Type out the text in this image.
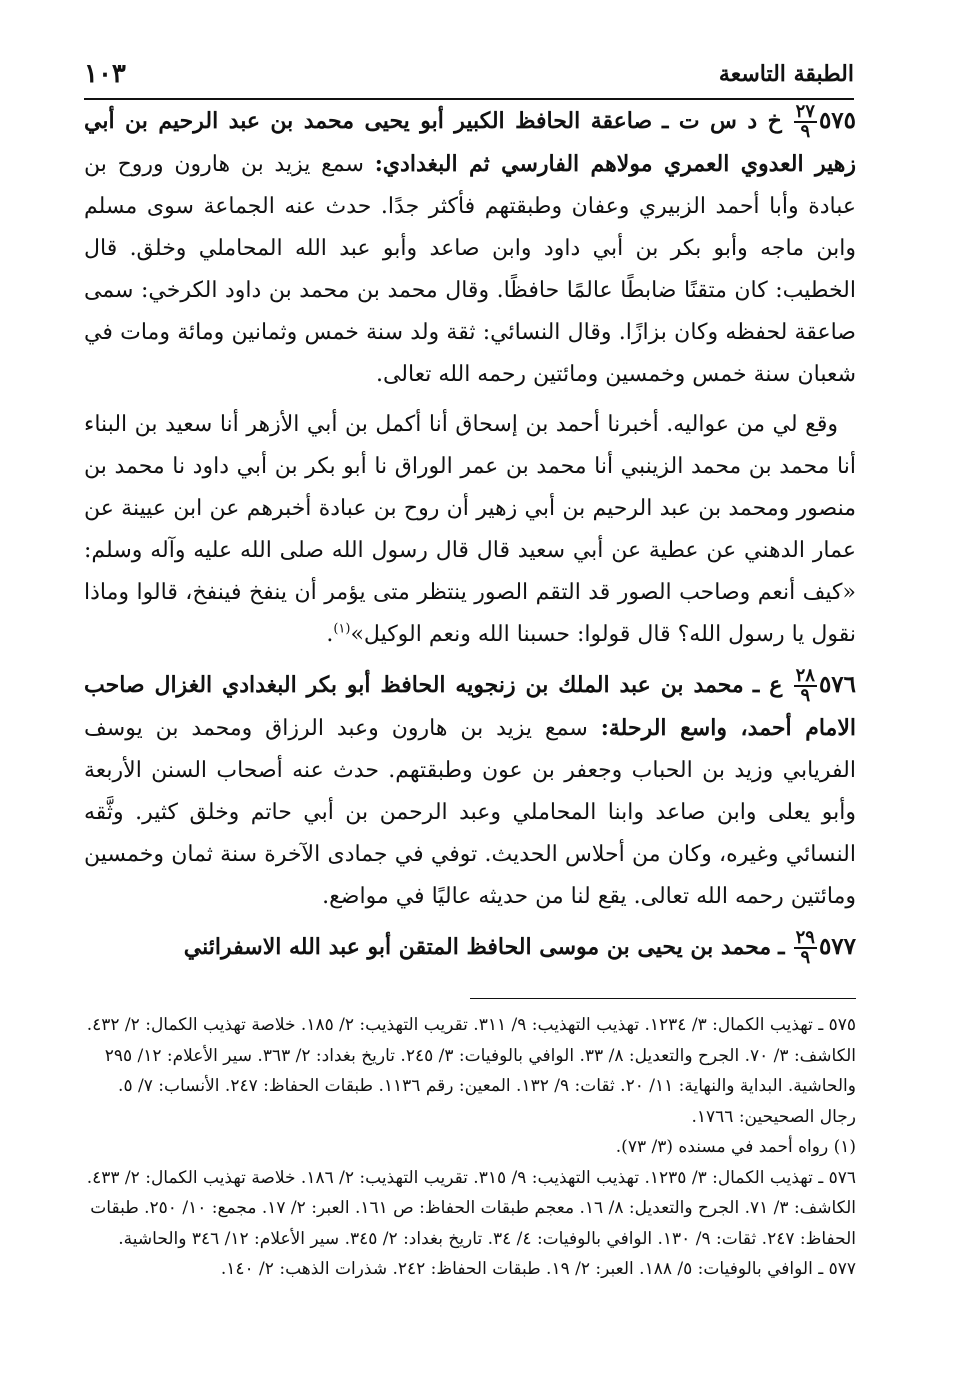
الطبقة التاسعة
١٠٣

٥٧٥
$\frac{٢٧}{٩}$
خ د س ت ـ صاعقة الحافظ الكبير أبو يحيى محمد بن عبد الرحيم بن أبي زهير العدوي العمري مولاهم الفارسي ثم البغدادي: سمع يزيد بن هارون وروح بن عبادة وأبا أحمد الزبيري وعفان وطبقتهم فأكثر جدًا. حدث عنه الجماعة سوى مسلم وابن ماجه وأبو بكر بن أبي داود وابن صاعد وأبو عبد الله المحاملي وخلق. قال الخطيب: كان متقنًا ضابطًا عالمًا حافظًا. وقال محمد بن محمد بن داود الكرخي: سمى صاعقة لحفظه وكان بزازًا. وقال النسائي: ثقة ولد سنة خمس وثمانين ومائة ومات في شعبان سنة خمس وخمسين ومائتين رحمه الله تعالى.

وقع لي من عواليه. أخبرنا أحمد بن إسحاق أنا أكمل بن أبي الأزهر أنا سعيد بن البناء أنا محمد بن محمد الزينبي أنا محمد بن عمر الوراق نا أبو بكر بن أبي داود نا محمد بن منصور ومحمد بن عبد الرحيم بن أبي زهير أن روح بن عبادة أخبرهم عن ابن عيينة عن عمار الدهني عن عطية عن أبي سعيد قال قال رسول الله صلى الله عليه وآله وسلم: «كيف أنعم وصاحب الصور قد التقم الصور ينتظر متى يؤمر أن ينفخ فينفخ، قالوا وماذا نقول يا رسول الله؟ قال قولوا: حسبنا الله ونعم الوكيل»$^{(١)}$.

٥٧٦
$\frac{٢٨}{٩}$
ع ـ محمد بن عبد الملك بن زنجويه الحافظ أبو بكر البغدادي الغزال صاحب الامام أحمد، واسع الرحلة: سمع يزيد بن هارون وعبد الرزاق ومحمد بن يوسف الفريابي وزيد بن الحباب وجعفر بن عون وطبقتهم. حدث عنه أصحاب السنن الأربعة وأبو يعلى وابن صاعد وابنا المحاملي وعبد الرحمن بن أبي حاتم وخلق كثير. وثَّقه النسائي وغيره، وكان من أحلاس الحديث. توفي في جمادى الآخرة سنة ثمان وخمسين ومائتين رحمه الله تعالى. يقع لنا من حديثه عاليًا في مواضع.

٥٧٧
$\frac{٢٩}{٩}$
ـ محمد بن يحيى بن موسى الحافظ المتقن أبو عبد الله الاسفرائني

٥٧٥ ـ تهذيب الكمال: ٣/ ١٢٣٤. تهذيب التهذيب: ٩/ ٣١١. تقريب التهذيب: ٢/ ١٨٥. خلاصة تهذيب الكمال: ٢/ ٤٣٢. الكاشف: ٣/ ٧٠. الجرح والتعديل: ٨/ ٣٣. الوافي بالوفيات: ٣/ ٢٤٥. تاريخ بغداد: ٢/ ٣٦٣. سير الأعلام: ١٢/ ٢٩٥ والحاشية. البداية والنهاية: ١١/ ٢٠. ثقات: ٩/ ١٣٢. المعين: رقم ١١٣٦. طبقات الحفاظ: ٢٤٧. الأنساب: ٧/ ٥. رجال الصحيحين: ١٧٦٦.

(١) رواه أحمد في مسنده (٣/ ٧٣).

٥٧٦ ـ تهذيب الكمال: ٣/ ١٢٣٥. تهذيب التهذيب: ٩/ ٣١٥. تقريب التهذيب: ٢/ ١٨٦. خلاصة تهذيب الكمال: ٢/ ٤٣٣. الكاشف: ٣/ ٧١. الجرح والتعديل: ٨/ ١٦. معجم طبقات الحفاظ: ص ١٦١. العبر: ٢/ ١٧. مجمع: ١٠/ ٢٥٠. طبقات الحفاظ: ٢٤٧. ثقات: ٩/ ١٣٠. الوافي بالوفيات: ٤/ ٣٤. تاريخ بغداد: ٢/ ٣٤٥. سير الأعلام: ١٢/ ٣٤٦ والحاشية.

٥٧٧ ـ الوافي بالوفيات: ٥/ ١٨٨. العبر: ٢/ ١٩. طبقات الحفاظ: ٢٤٢. شذرات الذهب: ٢/ ١٤٠.
